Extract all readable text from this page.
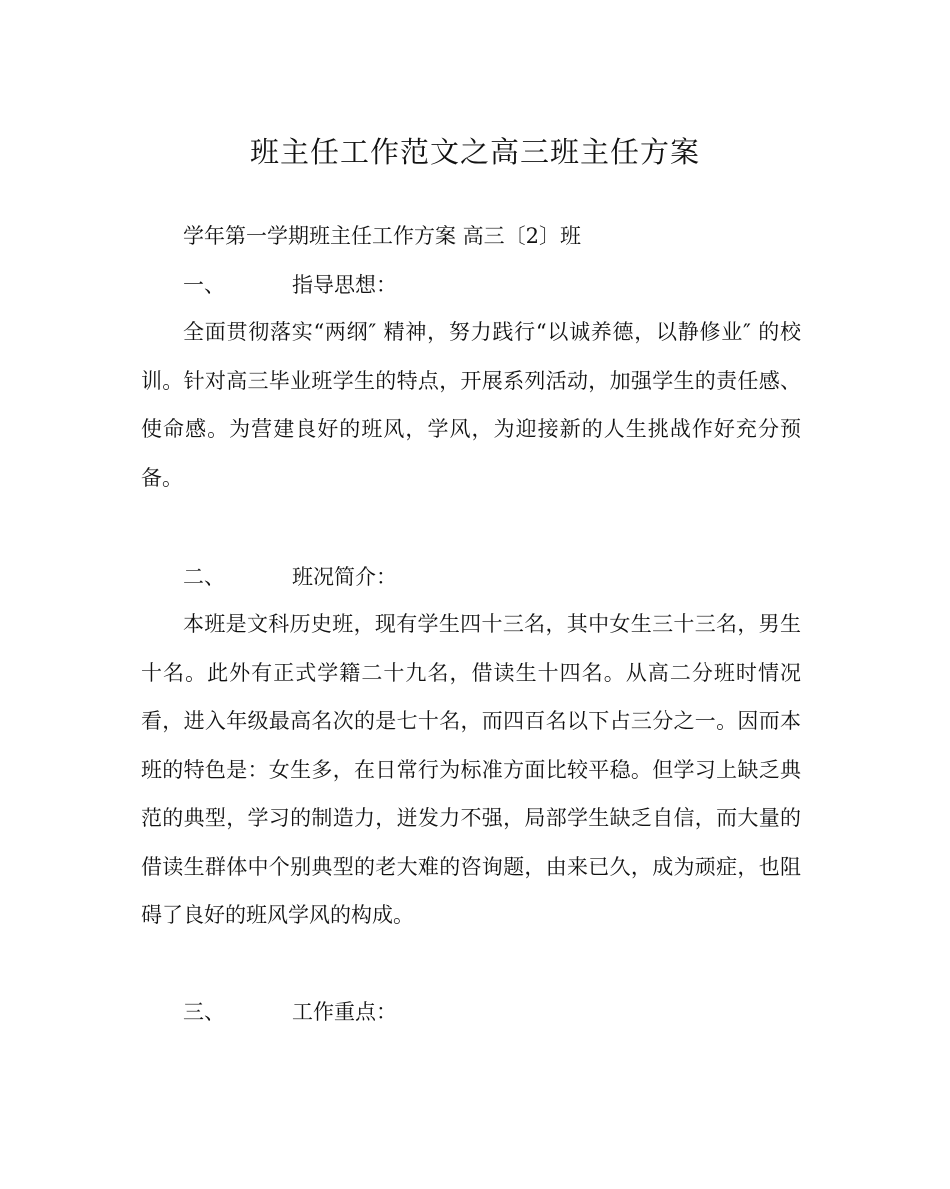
班主任工作范文之高三班主任方案
学年第一学期班主任工作方案 高三〔2〕班
一、	指导思想：

全面贯彻落实“两纲″ 精神，努力践行“以诚养德，以静修业″ 的校训。针对高三毕业班学生的特点，开展系列活动，加强学生的责任感、使命感。为营建良好的班风，学风，为迎接新的人生挑战作好充分预备。

二、	班况简介：

本班是文科历史班，现有学生四十三名，其中女生三十三名，男生十名。此外有正式学籍二十九名，借读生十四名。从高二分班时情况看，进入年级最高名次的是七十名，而四百名以下占三分之一。因而本班的特色是：女生多，在日常行为标准方面比较平稳。但学习上缺乏典范的典型，学习的制造力，迸发力不强，局部学生缺乏自信，而大量的借读生群体中个别典型的老大难的咨询题，由来已久，成为顽症，也阻碍了良好的班风学风的构成。

三、	工作重点：
